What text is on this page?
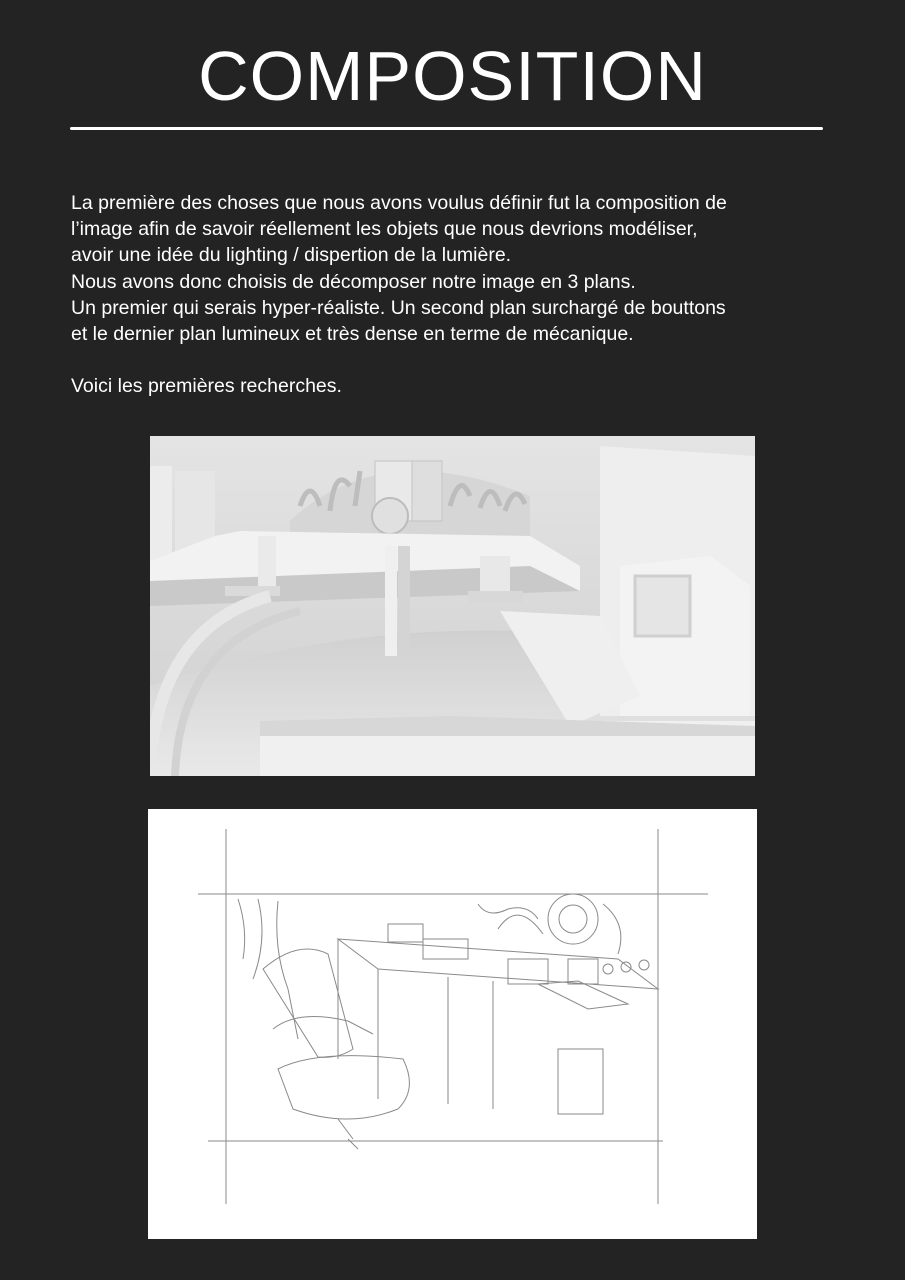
COMPOSITION

La première des choses que nous avons voulus définir fut la composition de

l’image afin de savoir réellement les objets que nous devrions modéliser,

avoir une idée du lighting / dispertion de la lumière.

Nous avons donc choisis de décomposer notre image en 3 plans.

Un premier qui serais hyper-réaliste. Un second plan surchargé de bouttons

et le dernier plan lumineux et très dense en terme de mécanique.

Voici les premières recherches.
